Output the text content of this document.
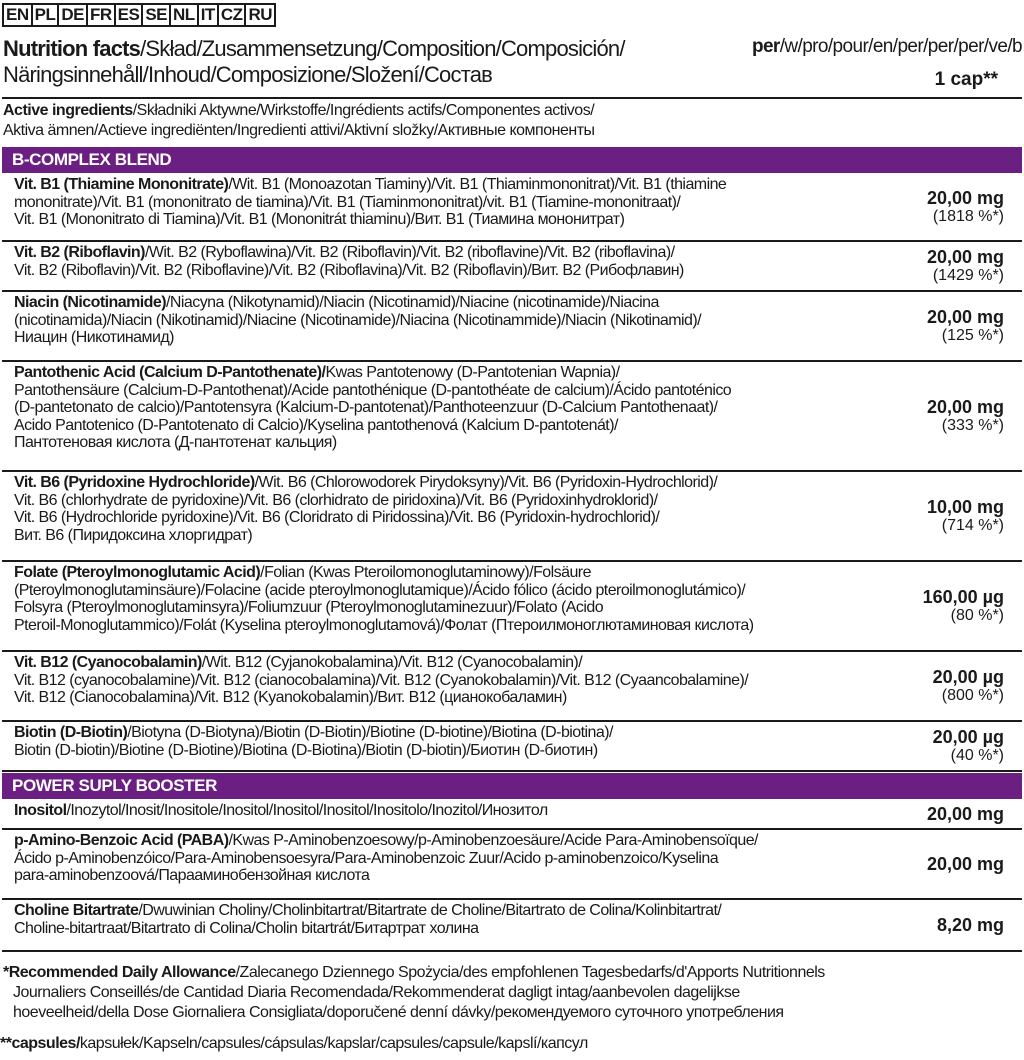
EN PL DE FR ES SE NL IT CZ RU
Nutrition facts/Skład/Zusammensetzung/Composition/Composición/
Näringsinnehåll/Inhoud/Composizione/Složení/Состав
per/w/pro/pour/en/per/per/per/ve/b
1 cap**
Active ingredients/Składniki Aktywne/Wirkstoffe/Ingrédients actifs/Componentes activos/
Aktiva ämnen/Actieve ingrediënten/Ingredienti attivi/Aktivní složky/Активные компоненты
B-COMPLEX BLEND
Vit. B1 (Thiamine Mononitrate)/Wit. B1 (Monoazotan Tiaminy)/Vit. B1 (Thiaminmononitrat)/Vit. B1 (thiamine
mononitrate)/Vit. B1 (mononitrato de tiamina)/Vit. B1 (Tiaminmononitrat)/vit. B1 (Tiamine-mononitraat)/
Vit. B1 (Mononitrato di Tiamina)/Vit. B1 (Mononitrát thiaminu)/Вит. B1 (Тиамина мононитрат)
20,00 mg
(1818 %*)
Vit. B2 (Riboflavin)/Wit. B2 (Ryboflawina)/Vit. B2 (Riboflavin)/Vit. B2 (riboflavine)/Vit. B2 (riboflavina)/
Vit. B2 (Riboflavin)/Vit. B2 (Riboflavine)/Vit. B2 (Riboflavina)/Vit. B2 (Riboflavin)/Вит. B2 (Рибофлавин)
20,00 mg
(1429 %*)
Niacin (Nicotinamide)/Niacyna (Nikotynamid)/Niacin (Nicotinamid)/Niacine (nicotinamide)/Niacina
(nicotinamida)/Niacin (Nikotinamid)/Niacine (Nicotinamide)/Niacina (Nicotinammide)/Niacin (Nikotinamid)/
Ниацин (Никотинамид)
20,00 mg
(125 %*)
Pantothenic Acid (Calcium D-Pantothenate)/Kwas Pantotenowy (D-Pantotenian Wapnia)/
Pantothensäure (Calcium-D-Pantothenat)/Acide pantothénique (D-pantothéate de calcium)/Ácido pantoténico
(D-pantetonato de calcio)/Pantotensyra (Kalcium-D-pantotenat)/Panthoteenzuur (D-Calcium Pantothenaat)/
Acido Pantotenico (D-Pantotenato di Calcio)/Kyselina pantothenová (Kalcium D-pantotenát)/
Пантотеновая кислота (Д-пантотенат кальция)
20,00 mg
(333 %*)
Vit. B6 (Pyridoxine Hydrochloride)/Wit. B6 (Chlorowodorek Pirydoksyny)/Vit. B6 (Pyridoxin-Hydrochlorid)/
Vit. B6 (chlorhydrate de pyridoxine)/Vit. B6 (clorhidrato de piridoxina)/Vit. B6 (Pyridoxinhydroklorid)/
Vit. B6 (Hydrochloride pyridoxine)/Vit. B6 (Cloridrato di Piridossina)/Vit. B6 (Pyridoxin-hydrochlorid)/
Вит. B6 (Пиридоксина хлоргидрат)
10,00 mg
(714 %*)
Folate (Pteroylmonoglutamic Acid)/Folian (Kwas Pteroilomonoglutaminowy)/Folsäure
(Pteroylmonoglutaminsäure)/Folacine (acide pteroylmonoglutamique)/Ácido fólico (ácido pteroilmonoglutámico)/
Folsyra (Pteroylmonoglutaminsyra)/Foliumzuur (Pteroylmonoglutaminezuur)/Folato (Acido
Pteroil-Monoglutammico)/Folát (Kyselina pteroylmonoglutamová)/Фолат (Птероилмоноглютаминовая кислота)
160,00 µg
(80 %*)
Vit. B12 (Cyanocobalamin)/Wit. B12 (Cyjanokobalamina)/Vit. B12 (Cyanocobalamin)/
Vit. B12 (cyanocobalamine)/Vit. B12 (cianocobalamina)/Vit. B12 (Cyanokobalamin)/Vit. B12 (Cyaancobalamine)/
Vit. B12 (Cianocobalamina)/Vit. B12 (Kyanokobalamin)/Вит. B12 (цианокобаламин)
20,00 µg
(800 %*)
Biotin (D-Biotin)/Biotyna (D-Biotyna)/Biotin (D-Biotin)/Biotine (D-biotine)/Biotina (D-biotina)/
Biotin (D-biotin)/Biotine (D-Biotine)/Biotina (D-Biotina)/Biotin (D-biotin)/Биотин (D-биотин)
20,00 µg
(40 %*)
Inositol/Inozytol/Inosit/Inositole/Inositol/Inositol/Inositol/Inositolo/Inozitol/Инозитол	20,00 mg
p-Amino-Benzoic Acid (PABA)/Kwas P-Aminobenzoesowy/p-Aminobenzoesäure/Acide Para-Aminobensoïque/
Ácido p-Aminobenzóico/Para-Aminobensoesyra/Para-Aminobenzoic Zuur/Acido p-aminobenzoico/Kyselina
para-aminobenzoová/Парааминобензойная кислота
20,00 mg
Choline Bitartrate/Dwuwinian Choliny/Cholinbitartrat/Bitartrate de Choline/Bitartrato de Colina/Kolinbitartrat/
Choline-bitartraat/Bitartrato di Colina/Cholin bitartrát/Битартрат холина	8,20 mg
POWER SUPLY BOOSTER
*Recommended Daily Allowance/Zalecanego Dziennego Spożycia/des empfohlenen Tagesbedarfs/d'Apports Nutritionnels
Journaliers Conseillés/de Cantidad Diaria Recomendada/Rekommenderat dagligt intag/aanbevolen dagelijkse
hoeveelheid/della Dose Giornaliera Consigliata/doporučené denní dávky/рекомендуемого суточного употребления
**capsules/kapsułek/Kapseln/capsules/cápsulas/kapslar/capsules/capsule/kapslí/капсул
